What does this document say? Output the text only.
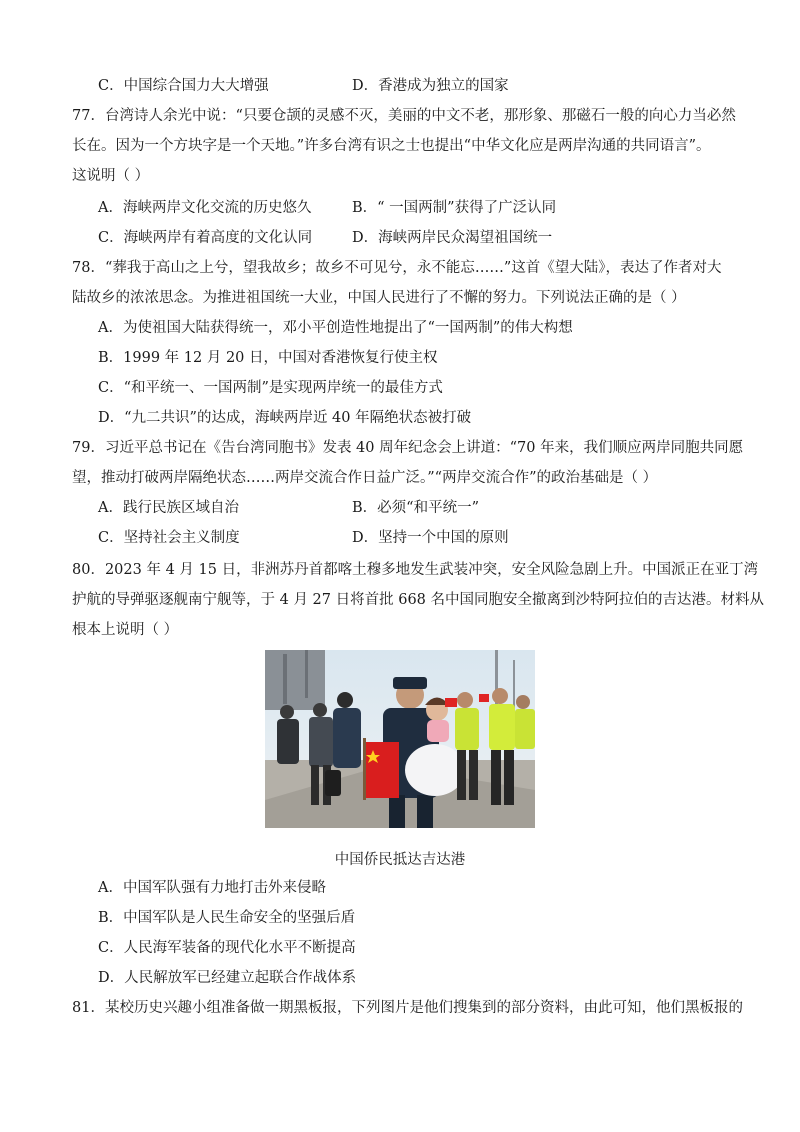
C．中国综合国力大大增强	D．香港成为独立的国家
77．台湾诗人余光中说：“只要仓颉的灵感不灭，美丽的中文不老，那形象、那磁石一般的向心力当必然
长在。因为一个方块字是一个天地。”许多台湾有识之士也提出“中华文化应是两岸沟通的共同语言”。
这说明（ ）
A．海峡两岸文化交流的历史悠久	B．“ 一国两制”获得了广泛认同
C．海峡两岸有着高度的文化认同	D．海峡两岸民众渴望祖国统一
78．“葬我于高山之上兮，望我故乡；故乡不可见兮，永不能忘……”这首《望大陆》，表达了作者对大
陆故乡的浓浓思念。为推进祖国统一大业，中国人民进行了不懈的努力。下列说法正确的是（ ）
A．为使祖国大陆获得统一，邓小平创造性地提出了“一国两制”的伟大构想
B．1999 年 12 月 20 日，中国对香港恢复行使主权
C．“和平统一、一国两制”是实现两岸统一的最佳方式
D．“九二共识”的达成，海峡两岸近 40 年隔绝状态被打破
79．习近平总书记在《告台湾同胞书》发表 40 周年纪念会上讲道：“70 年来，我们顺应两岸同胞共同愿
望，推动打破两岸隔绝状态……两岸交流合作日益广泛。”“两岸交流合作”的政治基础是（ ）
A．践行民族区域自治	B．必须“和平统一”
C．坚持社会主义制度	D．坚持一个中国的原则
80．2023 年 4 月 15 日，非洲苏丹首都喀土穆多地发生武装冲突，安全风险急剧上升。中国派正在亚丁湾
护航的导弹驱逐舰南宁舰等，于 4 月 27 日将首批 668 名中国同胞安全撤离到沙特阿拉伯的吉达港。材料从
根本上说明（ ）
中国侨民抵达吉达港
A．中国军队强有力地打击外来侵略
B．中国军队是人民生命安全的坚强后盾
C．人民海军装备的现代化水平不断提高
D．人民解放军已经建立起联合作战体系
81．某校历史兴趣小组准备做一期黑板报，下列图片是他们搜集到的部分资料，由此可知，他们黑板报的
